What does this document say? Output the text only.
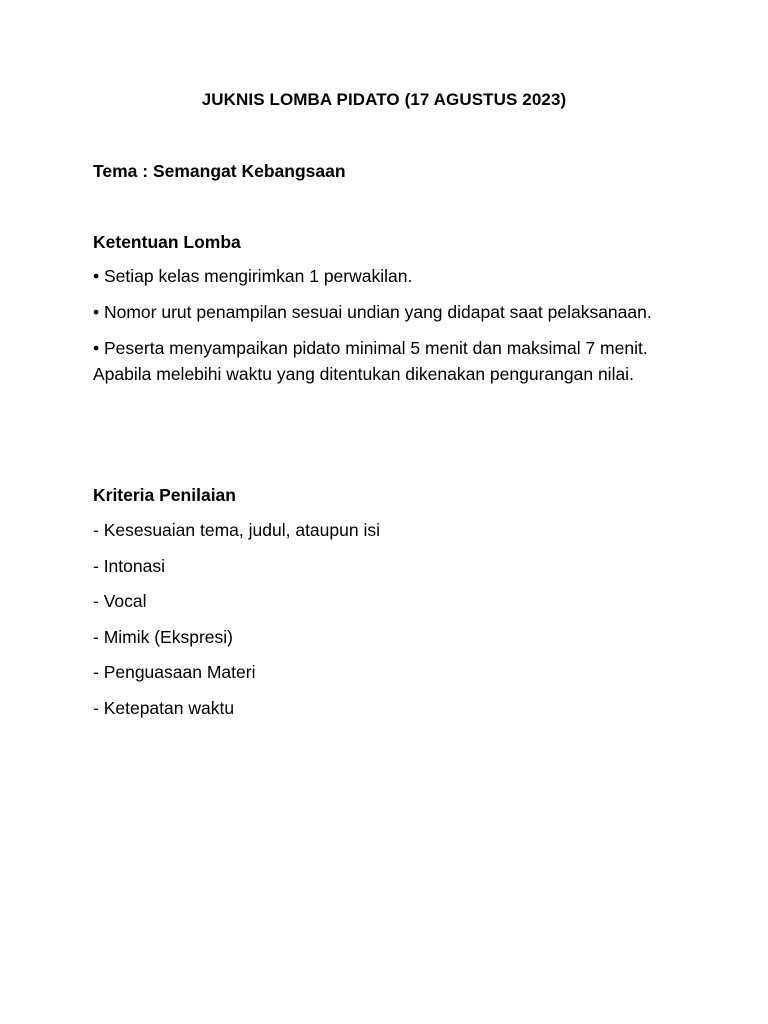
JUKNIS LOMBA PIDATO (17 AGUSTUS 2023)
Tema : Semangat Kebangsaan
Ketentuan Lomba

• Setiap kelas mengirimkan 1 perwakilan.

• Nomor urut penampilan sesuai undian yang didapat saat pelaksanaan.

• Peserta menyampaikan pidato minimal 5 menit dan maksimal 7 menit. Apabila melebihi waktu yang ditentukan dikenakan pengurangan nilai.

Kriteria Penilaian
- Kesesuaian tema, judul, ataupun isi
- Intonasi
- Vocal
- Mimik (Ekspresi)
- Penguasaan Materi
- Ketepatan waktu
